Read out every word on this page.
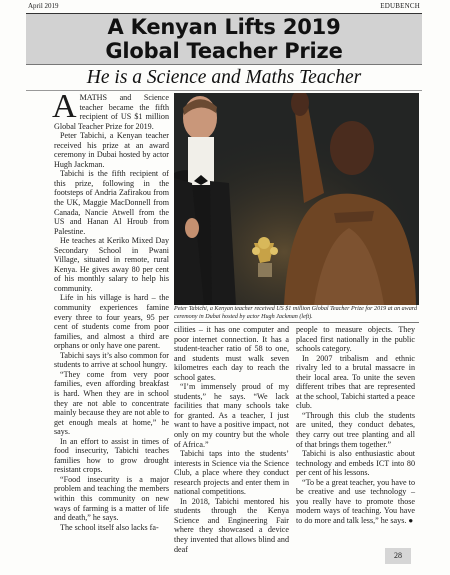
April 2019	EDUBENCH
A Kenyan Lifts 2019
Global Teacher Prize
He is a Science and Maths Teacher
A MATHS and Science teacher became the fifth recipient of US $1 million Global Teacher Prize for 2019.

Peter Tabichi, a Kenyan teacher received his prize at an award ceremony in Dubai hosted by actor Hugh Jackman.

Tabichi is the fifth recipient of this prize, following in the footsteps of Andria Zafirakou from the UK, Maggie MacDonnell from Canada, Nancie Atwell from the US and Hanan Al Hroub from Palestine.

He teaches at Keriko Mixed Day Secondary School in Pwani Village, situated in remote, rural Kenya. He gives away 80 per cent of his monthly salary to help his community.

Life in his village is hard – the community experiences famine every three to four years, 95 per cent of students come from poor families, and almost a third are orphans or only have one parent.

Tabichi says it’s also common for students to arrive at school hungry.

“They come from very poor families, even affording breakfast is hard. When they are in school they are not able to concentrate mainly because they are not able to get enough meals at home,” he says.

In an effort to assist in times of food insecurity, Tabichi teaches families how to grow drought resistant crops.

“Food insecurity is a major problem and teaching the members within this community on new ways of farming is a matter of life and death,” he says.

The school itself also lacks fa-

Peter Tabichi, a Kenyan teacher received US $1 million Global Teacher Prize for 2019 at an award ceremony in Dubai hosted by actor Hugh Jackman (left).

cilities – it has one computer and poor internet connection. It has a student-teacher ratio of 58 to one, and students must walk seven kilometres each day to reach the school gates.

“I’m immensely proud of my students,” he says. “We lack facilities that many schools take for granted. As a teacher, I just want to have a positive impact, not only on my country but the whole of Africa.”

Tabichi taps into the students’ interests in Science via the Science Club, a place where they conduct research projects and enter them in national competitions.

In 2018, Tabichi mentored his students through the Kenya Science and Engineering Fair where they showcased a device they invented that allows blind and deaf

people to measure objects. They placed first nationally in the public schools category.

In 2007 tribalism and ethnic rivalry led to a brutal massacre in their local area. To unite the seven different tribes that are represented at the school, Tabichi started a peace club.

“Through this club the students are united, they conduct debates, they carry out tree planting and all of that brings them together.”

Tabichi is also enthusiastic about technology and embeds ICT into 80 per cent of his lessons.

“To be a great teacher, you have to be creative and use technology – you really have to promote those modern ways of teaching. You have to do more and talk less,” he says. ●

28
